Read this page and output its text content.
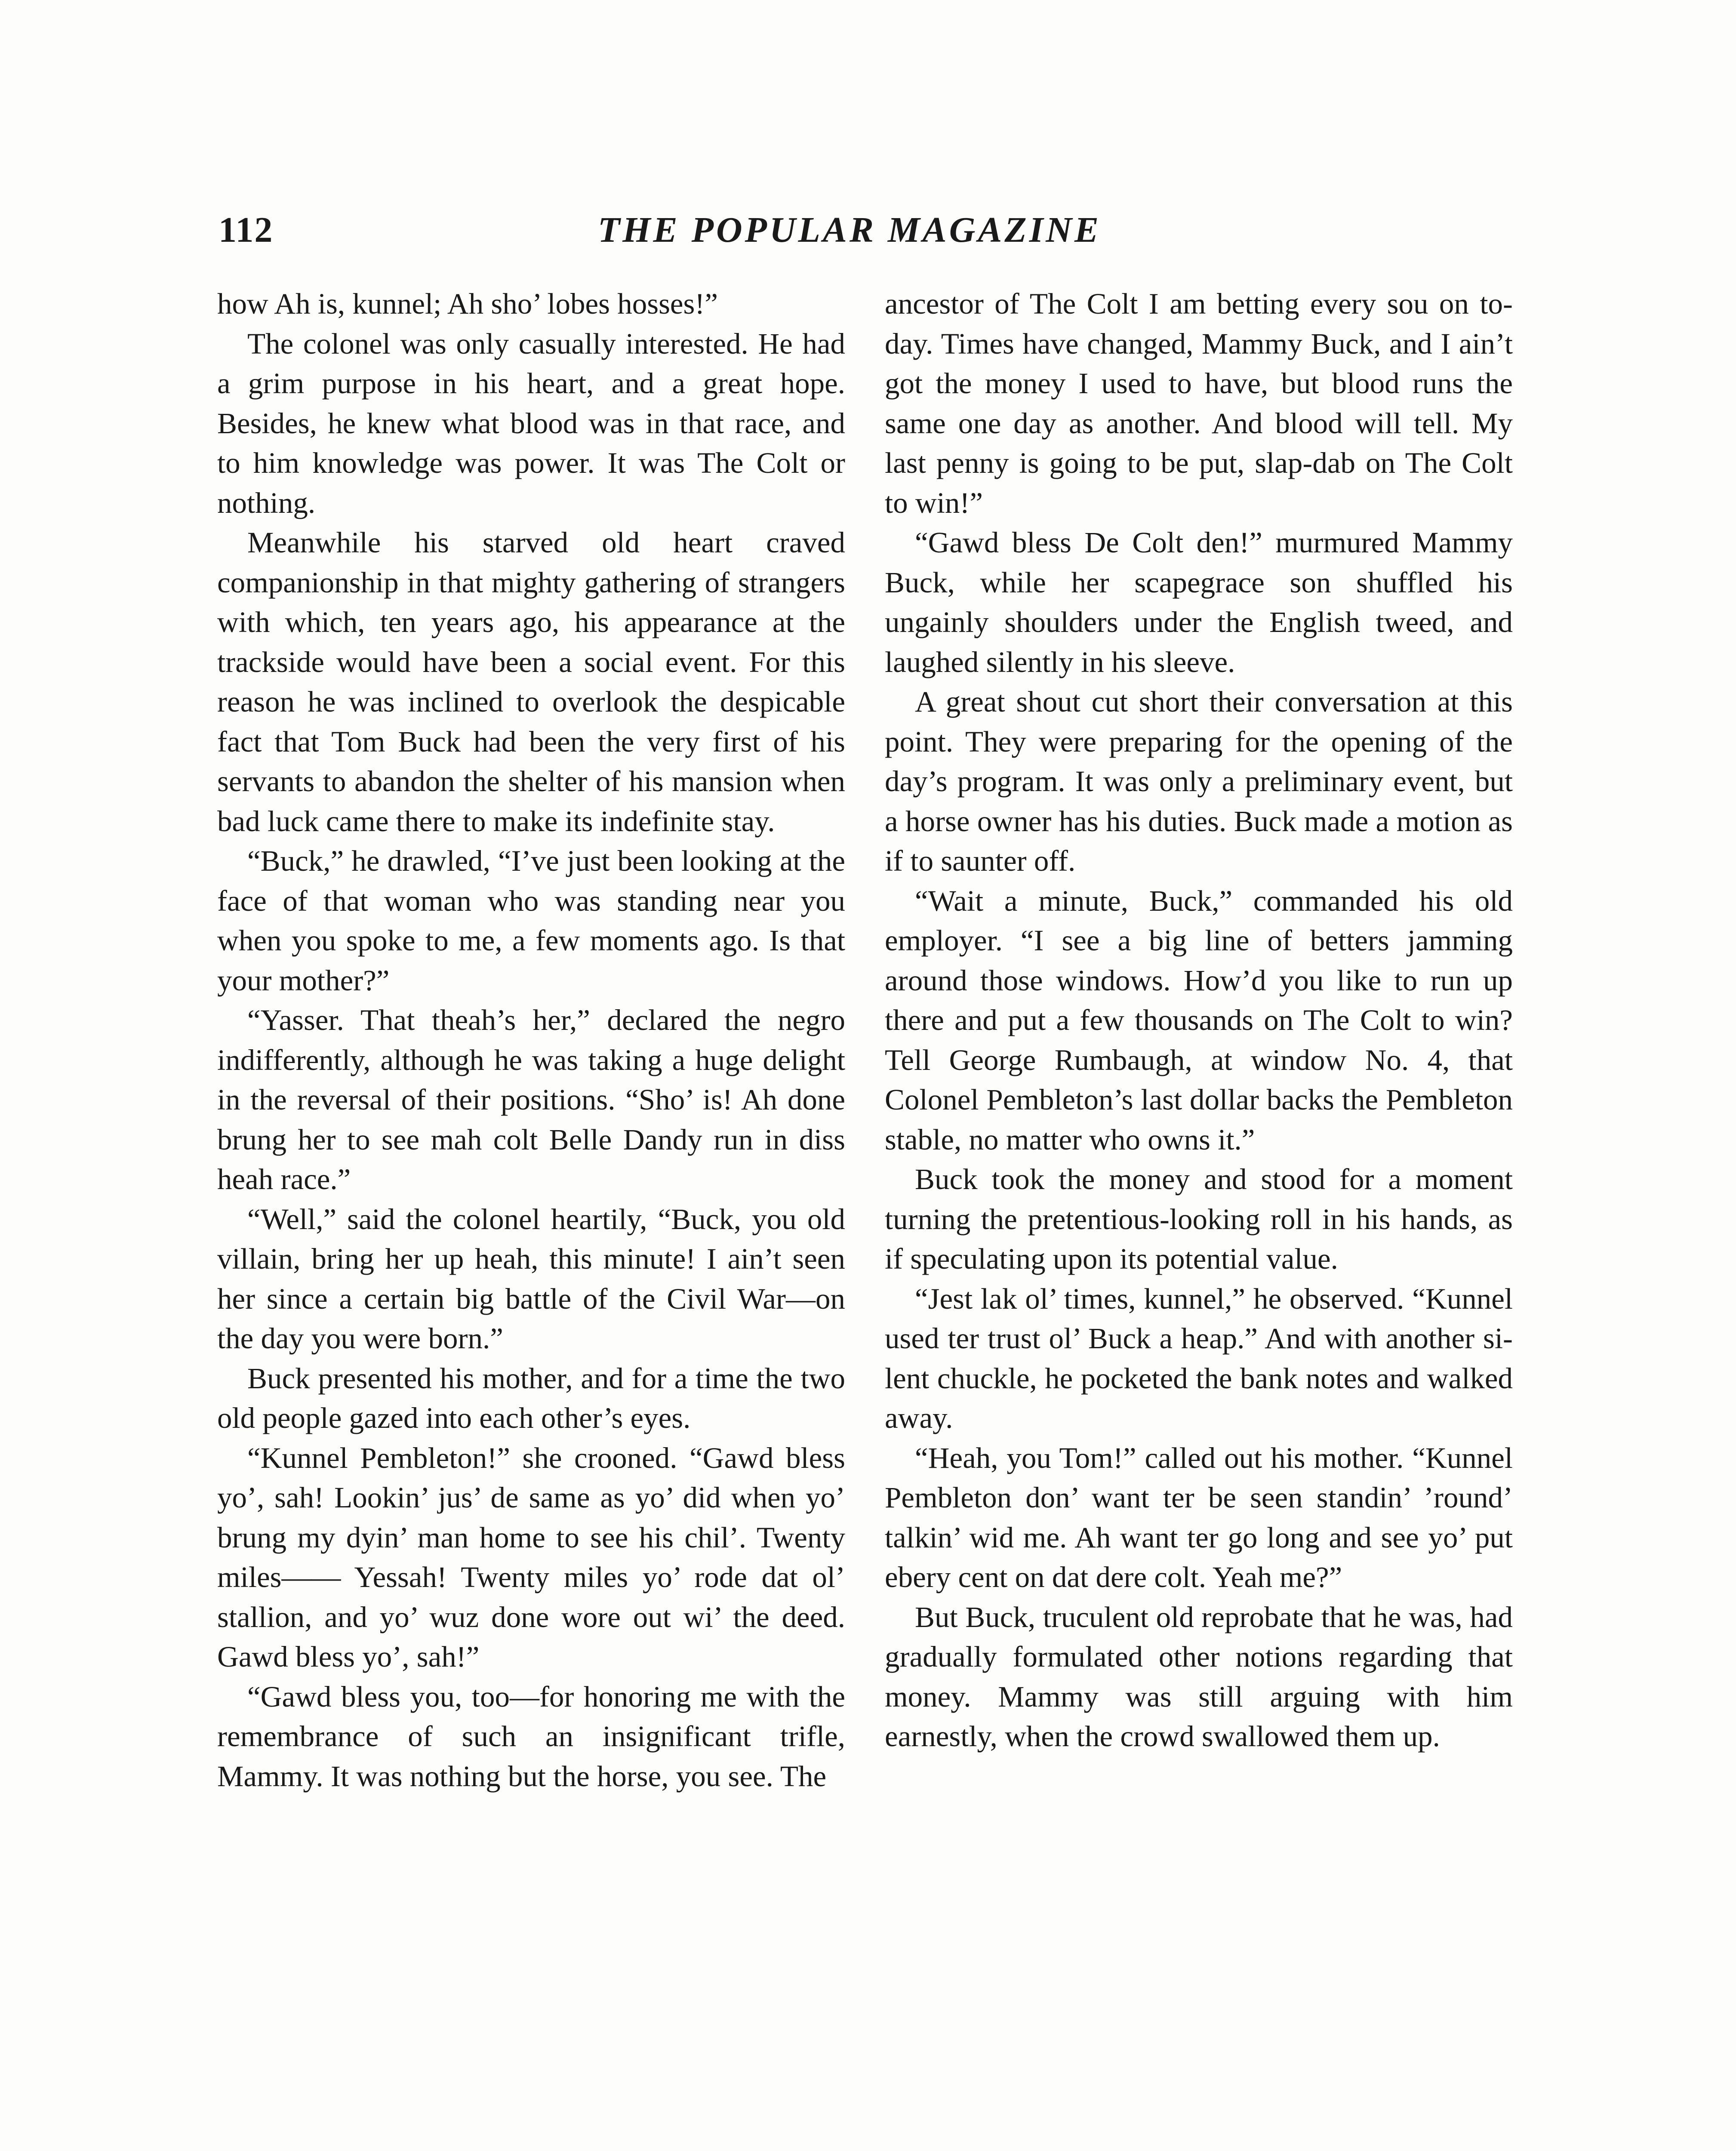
112	THE POPULAR MAGAZINE

how Ah is, kunnel; Ah sho’ lobes hosses!”

The colonel was only casually interested. He had a grim purpose in his heart, and a great hope. Besides, he knew what blood was in that race, and to him knowledge was power. It was The Colt or nothing.

Meanwhile his starved old heart craved companionship in that mighty gathering of strangers with which, ten years ago, his appearance at the trackside would have been a social event. For this reason he was inclined to overlook the despicable fact that Tom Buck had been the very first of his servants to abandon the shelter of his mansion when bad luck came there to make its indefinite stay.

“Buck,” he drawled, “I’ve just been looking at the face of that woman who was standing near you when you spoke to me, a few moments ago. Is that your mother?”

“Yasser. That theah’s her,” declared the negro indifferently, although he was taking a huge delight in the reversal of their positions. “Sho’ is! Ah done brung her to see mah colt Belle Dandy run in diss heah race.”

“Well,” said the colonel heartily, “Buck, you old villain, bring her up heah, this minute! I ain’t seen her since a certain big battle of the Civil War—on the day you were born.”

Buck presented his mother, and for a time the two old people gazed into each other’s eyes.

“Kunnel Pembleton!” she crooned. “Gawd bless yo’, sah! Lookin’ jus’ de same as yo’ did when yo’ brung my dyin’ man home to see his chil’. Twenty miles—— Yessah! Twenty miles yo’ rode dat ol’ stallion, and yo’ wuz done wore out wi’ the deed. Gawd bless yo’, sah!”

“Gawd bless you, too—for honoring me with the remembrance of such an insignificant trifle, Mammy. It was nothing but the horse, you see. The

ancestor of The Colt I am betting every sou on to-day. Times have changed, Mammy Buck, and I ain’t got the money I used to have, but blood runs the same one day as another. And blood will tell. My last penny is going to be put, slap-dab on The Colt to win!”

“Gawd bless De Colt den!” murmured Mammy Buck, while her scapegrace son shuffled his ungainly shoulders under the English tweed, and laughed silently in his sleeve.

A great shout cut short their conversation at this point. They were preparing for the opening of the day’s program. It was only a preliminary event, but a horse owner has his duties. Buck made a motion as if to saunter off.

“Wait a minute, Buck,” commanded his old employer. “I see a big line of betters jamming around those windows. How’d you like to run up there and put a few thousands on The Colt to win? Tell George Rumbaugh, at window No. 4, that Colonel Pembleton’s last dollar backs the Pembleton stable, no matter who owns it.”

Buck took the money and stood for a moment turning the pretentious-looking roll in his hands, as if speculating upon its potential value.

“Jest lak ol’ times, kunnel,” he observed. “Kunnel used ter trust ol’ Buck a heap.” And with another silent chuckle, he pocketed the bank notes and walked away.

“Heah, you Tom!” called out his mother. “Kunnel Pembleton don’ want ter be seen standin’ ’round’ talkin’ wid me. Ah want ter go long and see yo’ put ebery cent on dat dere colt. Yeah me?”

But Buck, truculent old reprobate that he was, had gradually formulated other notions regarding that money. Mammy was still arguing with him earnestly, when the crowd swallowed them up.
